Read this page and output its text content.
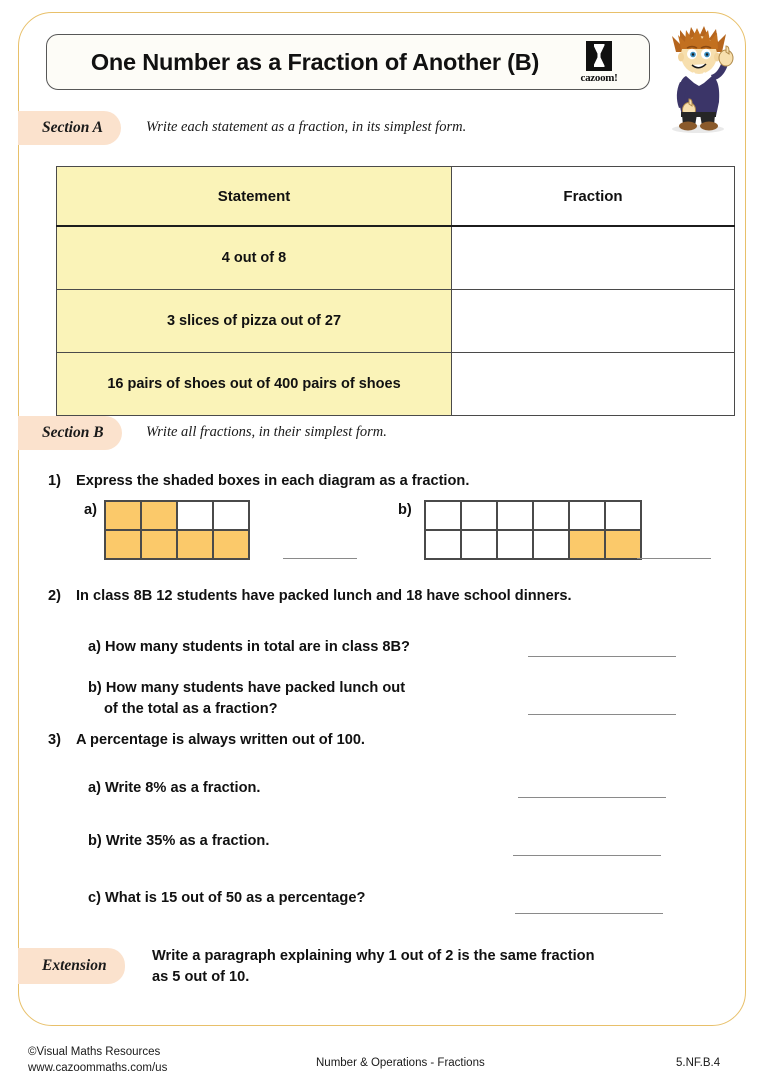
One Number as a Fraction of Another (B)
cazoom!
Section A	Write each statement as a fraction, in its simplest form.
Statement	Fraction
4 out of 8	
3 slices of pizza out of 27	
16 pairs of shoes out of 400 pairs of shoes	
Section B	Write all fractions, in their simplest form.
1) Express the shaded boxes in each diagram as a fraction.
a)	b)
2) In class 8B 12 students have packed lunch and 18 have school dinners.
a) How many students in total are in class 8B?
b) How many students have packed lunch out
of the total as a fraction?
3) A percentage is always written out of 100.
a) Write 8% as a fraction.
b) Write 35% as a fraction.
c) What is 15 out of 50 as a percentage?
Extension
Write a paragraph explaining why 1 out of 2 is the same fraction
as 5 out of 10.
©Visual Maths Resources
www.cazoommaths.com/us	Number & Operations - Fractions	5.NF.B.4
